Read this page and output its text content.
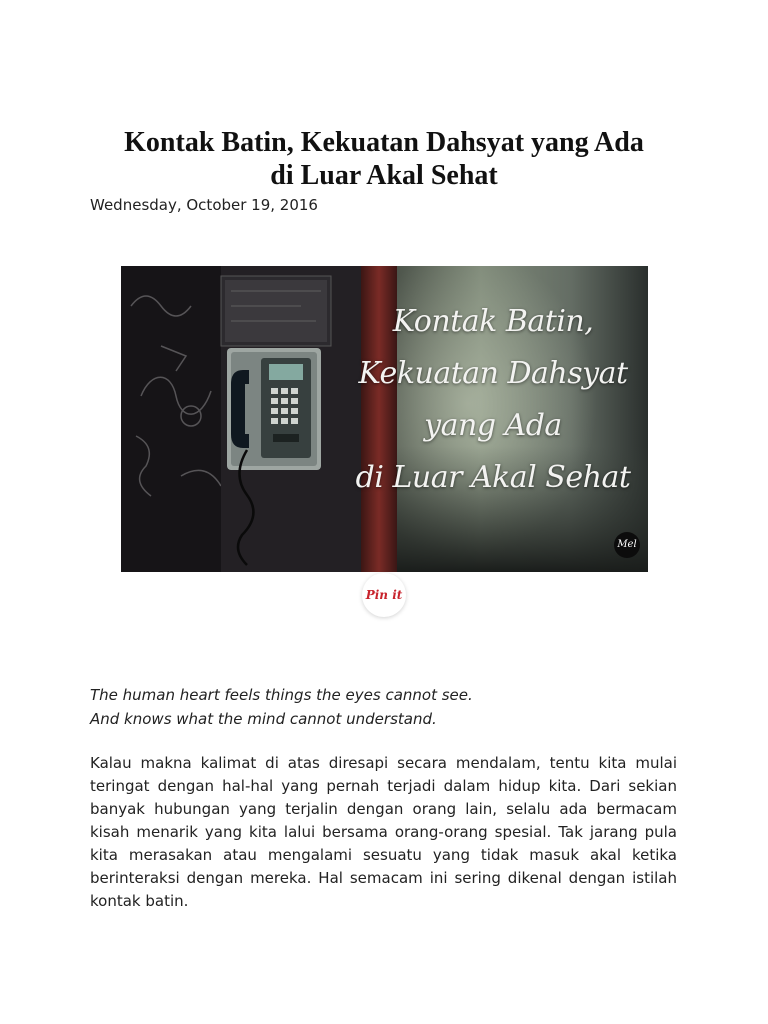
Kontak Batin, Kekuatan Dahsyat yang Ada
di Luar Akal Sehat
Wednesday, October 19, 2016
Kontak Batin,
Kekuatan Dahsyat
yang Ada
di Luar Akal Sehat
Mel
Pin it
The human heart feels things the eyes cannot see.
And knows what the mind cannot understand.

Kalau makna kalimat di atas diresapi secara mendalam, tentu kita mulai teringat dengan hal-hal yang pernah terjadi dalam hidup kita. Dari sekian banyak hubungan yang terjalin dengan orang lain, selalu ada bermacam kisah menarik yang kita lalui bersama orang-orang spesial. Tak jarang pula kita merasakan atau mengalami sesuatu yang tidak masuk akal ketika berinteraksi dengan mereka. Hal semacam ini sering dikenal dengan istilah kontak batin.
